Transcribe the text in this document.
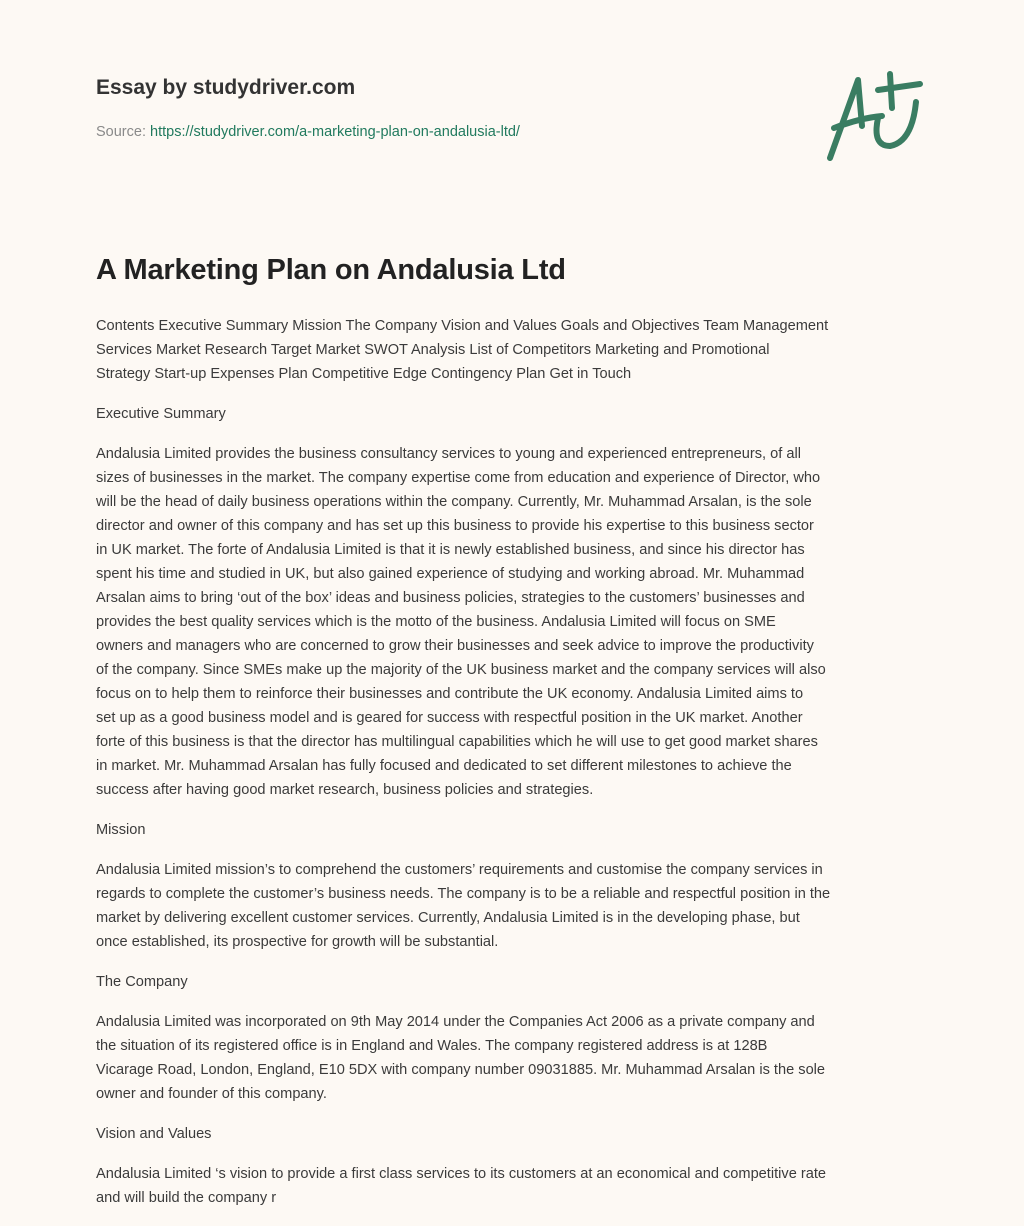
Essay by studydriver.com
Source: https://studydriver.com/a-marketing-plan-on-andalusia-ltd/
A Marketing Plan on Andalusia Ltd
Contents Executive Summary Mission The Company Vision and Values Goals and Objectives Team Management
Services Market Research Target Market SWOT Analysis List of Competitors Marketing and Promotional
Strategy Start-up Expenses Plan Competitive Edge Contingency Plan Get in Touch
Executive Summary
Andalusia Limited provides the business consultancy services to young and experienced entrepreneurs, of all
sizes of businesses in the market. The company expertise come from education and experience of Director, who
will be the head of daily business operations within the company. Currently, Mr. Muhammad Arsalan, is the sole
director and owner of this company and has set up this business to provide his expertise to this business sector
in UK market. The forte of Andalusia Limited is that it is newly established business, and since his director has
spent his time and studied in UK, but also gained experience of studying and working abroad. Mr. Muhammad
Arsalan aims to bring ‘out of the box’ ideas and business policies, strategies to the customers’ businesses and
provides the best quality services which is the motto of the business. Andalusia Limited will focus on SME
owners and managers who are concerned to grow their businesses and seek advice to improve the productivity
of the company. Since SMEs make up the majority of the UK business market and the company services will also
focus on to help them to reinforce their businesses and contribute the UK economy. Andalusia Limited aims to
set up as a good business model and is geared for success with respectful position in the UK market. Another
forte of this business is that the director has multilingual capabilities which he will use to get good market shares
in market. Mr. Muhammad Arsalan has fully focused and dedicated to set different milestones to achieve the
success after having good market research, business policies and strategies.
Mission
Andalusia Limited mission’s to comprehend the customers’ requirements and customise the company services in
regards to complete the customer’s business needs. The company is to be a reliable and respectful position in the
market by delivering excellent customer services. Currently, Andalusia Limited is in the developing phase, but
once established, its prospective for growth will be substantial.
The Company
Andalusia Limited was incorporated on 9th May 2014 under the Companies Act 2006 as a private company and
the situation of its registered office is in England and Wales. The company registered address is at 128B
Vicarage Road, London, England, E10 5DX with company number 09031885. Mr. Muhammad Arsalan is the sole
owner and founder of this company.
Vision and Values
Andalusia Limited ‘s vision to provide a first class services to its customers at an economical and competitive rate
and will build the company r
